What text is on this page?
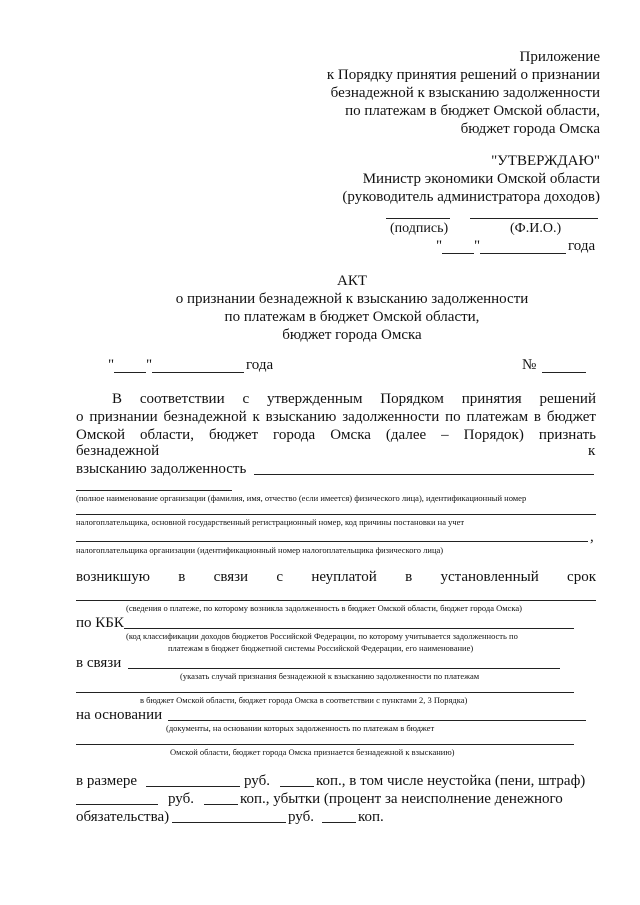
Приложение
к Порядку принятия решений о признании
безнадежной к взысканию задолженности
по платежам в бюджет Омской области,
бюджет города Омска
"УТВЕРЖДАЮ"
Министр экономики Омской области
(руководитель администратора доходов)
(подпись)	(Ф.И.О.)
" "	года
АКТ
о признании безнадежной к взысканию задолженности
по платежам в бюджет Омской области,
бюджет города Омска
" "	года	№
В соответствии с утвержденным Порядком принятия решений
о признании безнадежной к взысканию задолженности по платежам в бюджет
Омской области, бюджет города Омска (далее – Порядок) признать
безнадежной	к
взысканию задолженность
(полное наименование организации (фамилия, имя, отчество (если имеется) физического лица), идентификационный номер
налогоплательщика, основной государственный регистрационный номер, код причины постановки на учет
,
налогоплательщика организации (идентификационный номер налогоплательщика физического лица)
возникшую в связи с неуплатой в установленный срок
(сведения о платеже, по которому возникла задолженность в бюджет Омской области, бюджет города Омска)
по КБК
(код классификации доходов бюджетов Российской Федерации, по которому учитывается задолженность по
платежам в бюджет бюджетной системы Российской Федерации, его наименование)
в связи
(указать случай признания безнадежной к взысканию задолженности по платежам
в бюджет Омской области, бюджет города Омска в соответствии с пунктами 2, 3 Порядка)
на основании
(документы, на основании которых задолженность по платежам в бюджет
Омской области, бюджет города Омска признается безнадежной к взысканию)
в размере	руб.	коп., в том числе неустойка (пени, штраф)
руб.	коп., убытки (процент за неисполнение денежного
обязательства)	руб.	коп.
